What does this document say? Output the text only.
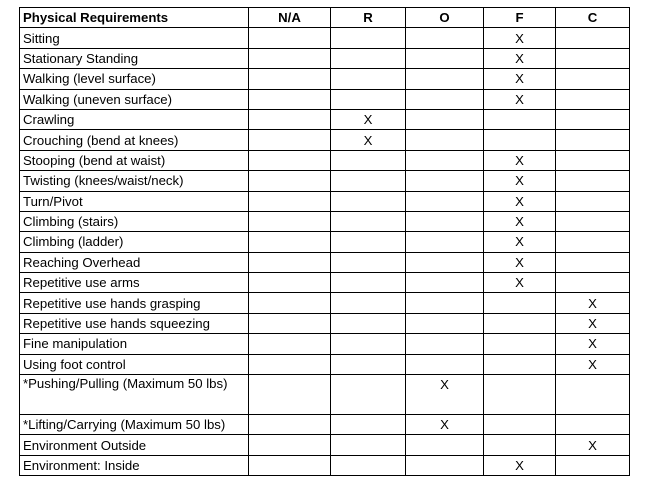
Physical Requirements	N/A	R	O	F	C
Sitting				X	
Stationary Standing				X	
Walking (level surface)				X	
Walking (uneven surface)				X	
Crawling		X			
Crouching (bend at knees)		X			
Stooping (bend at waist)				X	
Twisting (knees/waist/neck)				X	
Turn/Pivot				X	
Climbing (stairs)				X	
Climbing (ladder)				X	
Reaching Overhead				X	
Repetitive use arms				X	
Repetitive use hands grasping					X
Repetitive use hands squeezing					X
Fine manipulation					X
Using foot control					X
*Pushing/Pulling (Maximum 50 lbs)			X		
*Lifting/Carrying (Maximum 50 lbs)			X		
Environment Outside					X
Environment: Inside				X	
